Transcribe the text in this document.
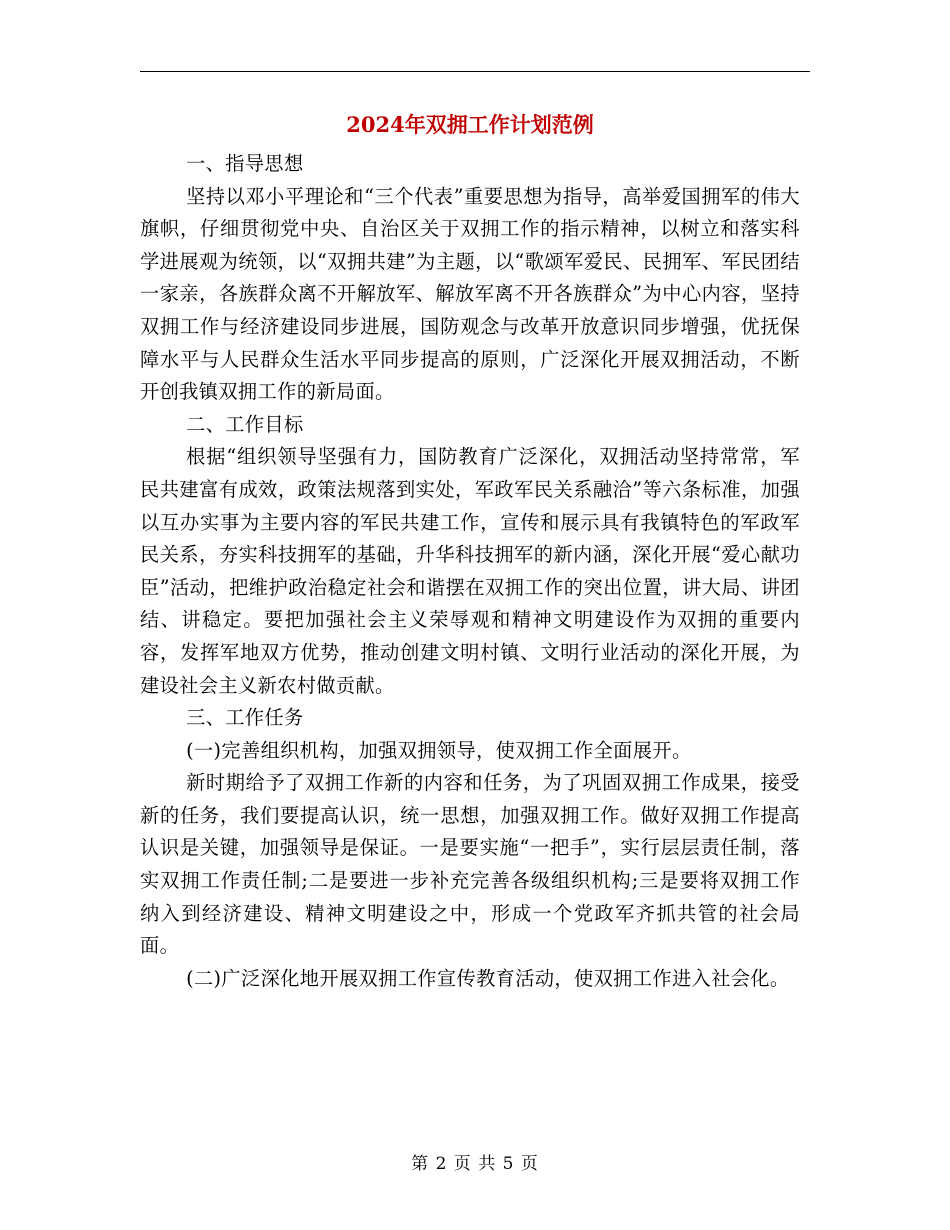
2024年双拥工作计划范例

一、指导思想

坚持以邓小平理论和“三个代表”重要思想为指导，高举爱国拥军的伟大旗帜，仔细贯彻党中央、自治区关于双拥工作的指示精神，以树立和落实科学进展观为统领，以“双拥共建”为主题，以“歌颂军爱民、民拥军、军民团结一家亲，各族群众离不开解放军、解放军离不开各族群众”为中心内容，坚持双拥工作与经济建设同步进展，国防观念与改革开放意识同步增强，优抚保障水平与人民群众生活水平同步提高的原则，广泛深化开展双拥活动，不断开创我镇双拥工作的新局面。

二、工作目标

根据“组织领导坚强有力，国防教育广泛深化，双拥活动坚持常常，军民共建富有成效，政策法规落到实处，军政军民关系融洽”等六条标准，加强以互办实事为主要内容的军民共建工作，宣传和展示具有我镇特色的军政军民关系，夯实科技拥军的基础，升华科技拥军的新内涵，深化开展“爱心献功臣”活动，把维护政治稳定社会和谐摆在双拥工作的突出位置，讲大局、讲团结、讲稳定。要把加强社会主义荣辱观和精神文明建设作为双拥的重要内容，发挥军地双方优势，推动创建文明村镇、文明行业活动的深化开展，为建设社会主义新农村做贡献。

三、工作任务

(一)完善组织机构，加强双拥领导，使双拥工作全面展开。

新时期给予了双拥工作新的内容和任务，为了巩固双拥工作成果，接受新的任务，我们要提高认识，统一思想，加强双拥工作。做好双拥工作提高认识是关键，加强领导是保证。一是要实施“一把手”，实行层层责任制，落实双拥工作责任制;二是要进一步补充完善各级组织机构;三是要将双拥工作纳入到经济建设、精神文明建设之中，形成一个党政军齐抓共管的社会局面。

(二)广泛深化地开展双拥工作宣传教育活动，使双拥工作进入社会化。

第 2 页 共 5 页
